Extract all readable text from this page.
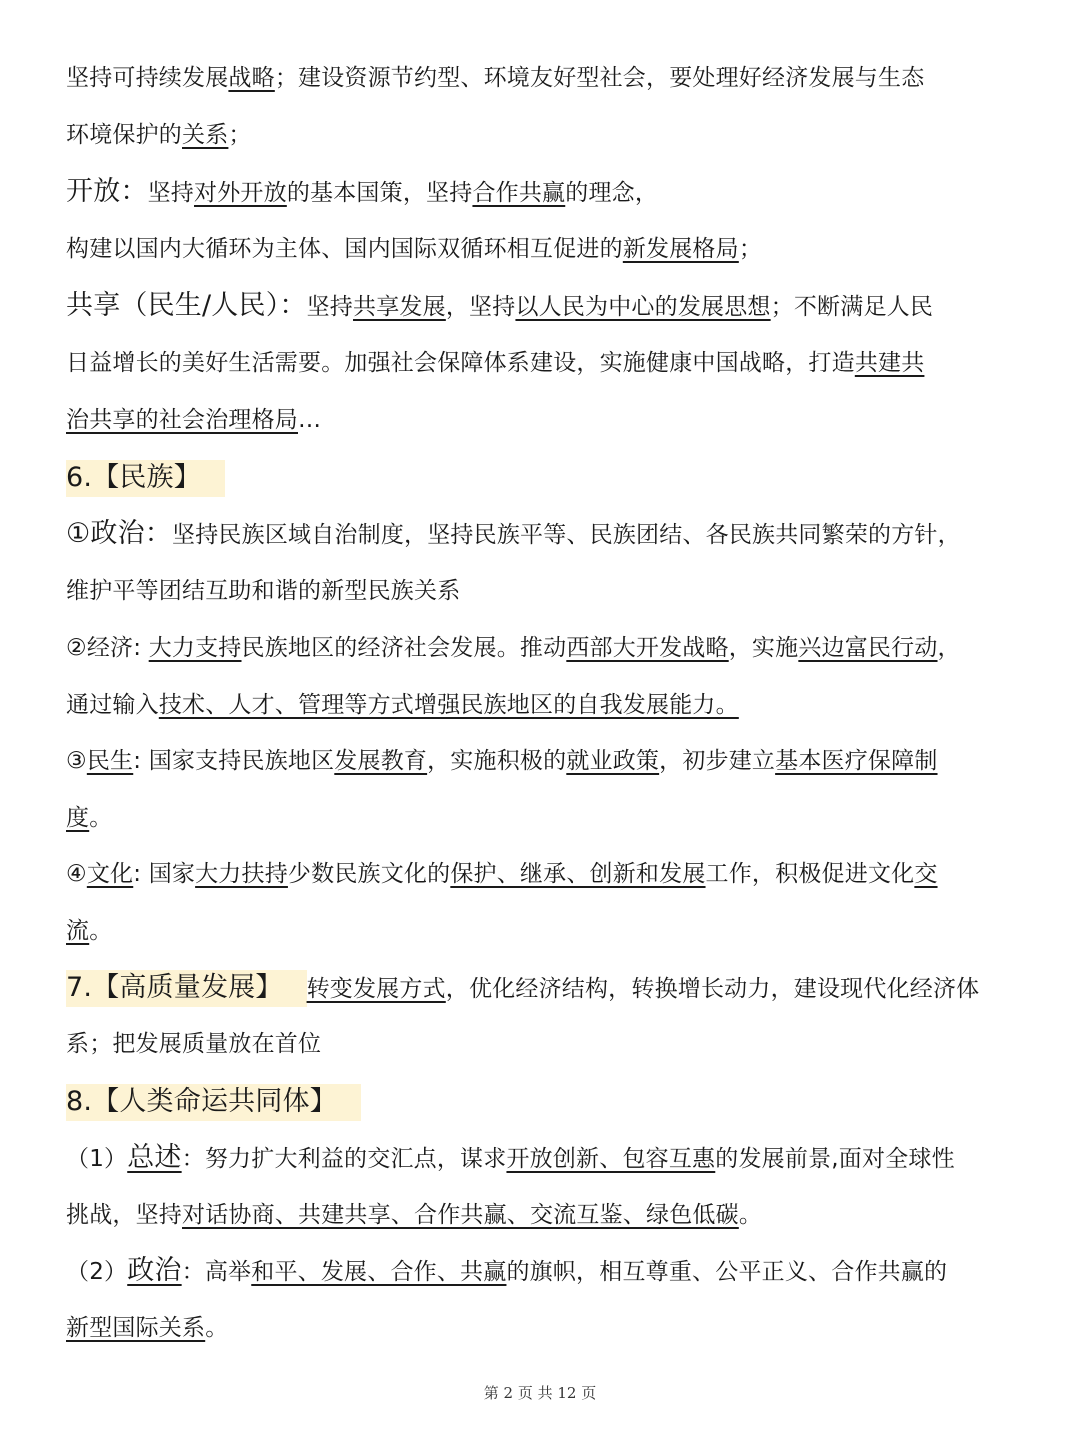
坚持可持续发展战略；建设资源节约型、环境友好型社会，要处理好经济发展与生态
环境保护的关系；
开放：坚持对外开放的基本国策，坚持合作共赢的理念，
构建以国内大循环为主体、国内国际双循环相互促进的新发展格局；
共享（民生/人民）：坚持共享发展，坚持以人民为中心的发展思想；不断满足人民
日益增长的美好生活需要。加强社会保障体系建设，实施健康中国战略，打造共建共
治共享的社会治理格局…
6.【民族】
①政治：坚持民族区域自治制度，坚持民族平等、民族团结、各民族共同繁荣的方针，
维护平等团结互助和谐的新型民族关系
②经济: 大力支持民族地区的经济社会发展。推动西部大开发战略，实施兴边富民行动，
通过输入技术、人才、管理等方式增强民族地区的自我发展能力。
③民生: 国家支持民族地区发展教育，实施积极的就业政策，初步建立基本医疗保障制
度。
④文化: 国家大力扶持少数民族文化的保护、继承、创新和发展工作，积极促进文化交
流。
7.【高质量发展】 转变发展方式，优化经济结构，转换增长动力，建设现代化经济体
系；把发展质量放在首位
8.【人类命运共同体】
（1）总述：努力扩大利益的交汇点，谋求开放创新、包容互惠的发展前景,面对全球性
挑战，坚持对话协商、共建共享、合作共赢、交流互鉴、绿色低碳。
（2）政治：高举和平、发展、合作、共赢的旗帜，相互尊重、公平正义、合作共赢的
新型国际关系。
第 2 页 共 12 页
